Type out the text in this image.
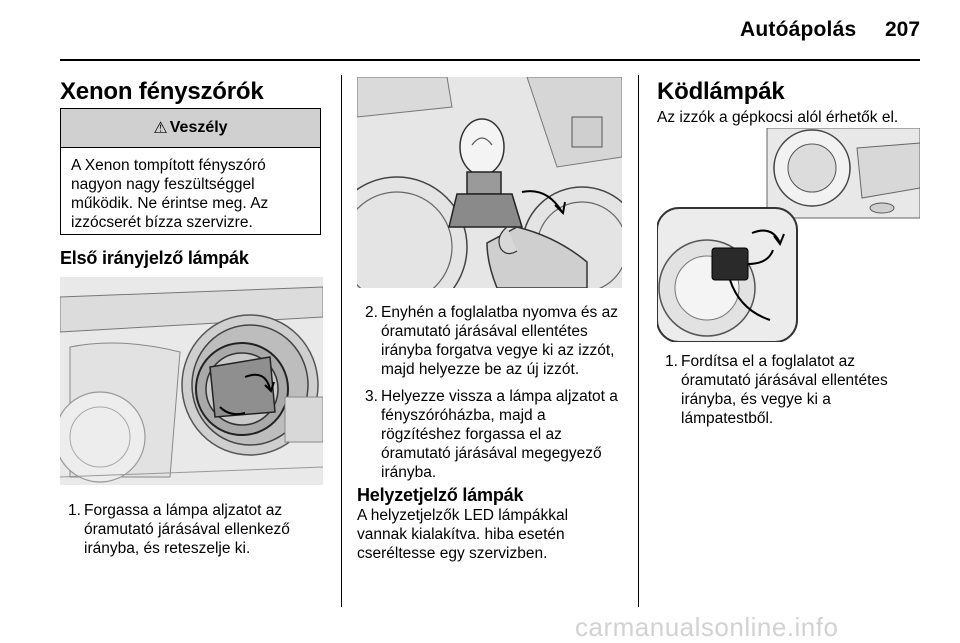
Autóápolás 207
Xenon fényszórók
⚠ Veszély
A Xenon tompított fényszóró nagyon nagy feszültséggel működik. Ne érintse meg. Az izzócserét bízza szervizre.
Első irányjelző lámpák
1. Forgassa a lámpa aljzatot az óramutató járásával ellenkező irányba, és reteszelje ki.
2. Enyhén a foglalatba nyomva és az óramutató járásával ellentétes irányba forgatva vegye ki az izzót, majd helyezze be az új izzót.
3. Helyezze vissza a lámpa aljzatot a fényszóróházba, majd a rögzítéshez forgassa el az óramutató járásával megegyező irányba.
Helyzetjelző lámpák
A helyzetjelzők LED lámpákkal vannak kialakítva. hiba esetén cseréltesse egy szervizben.
Ködlámpák
Az izzók a gépkocsi alól érhetők el.
1. Fordítsa el a foglalatot az óramutató járásával ellentétes irányba, és vegye ki a lámpatestből.
carmanualsonline.info
